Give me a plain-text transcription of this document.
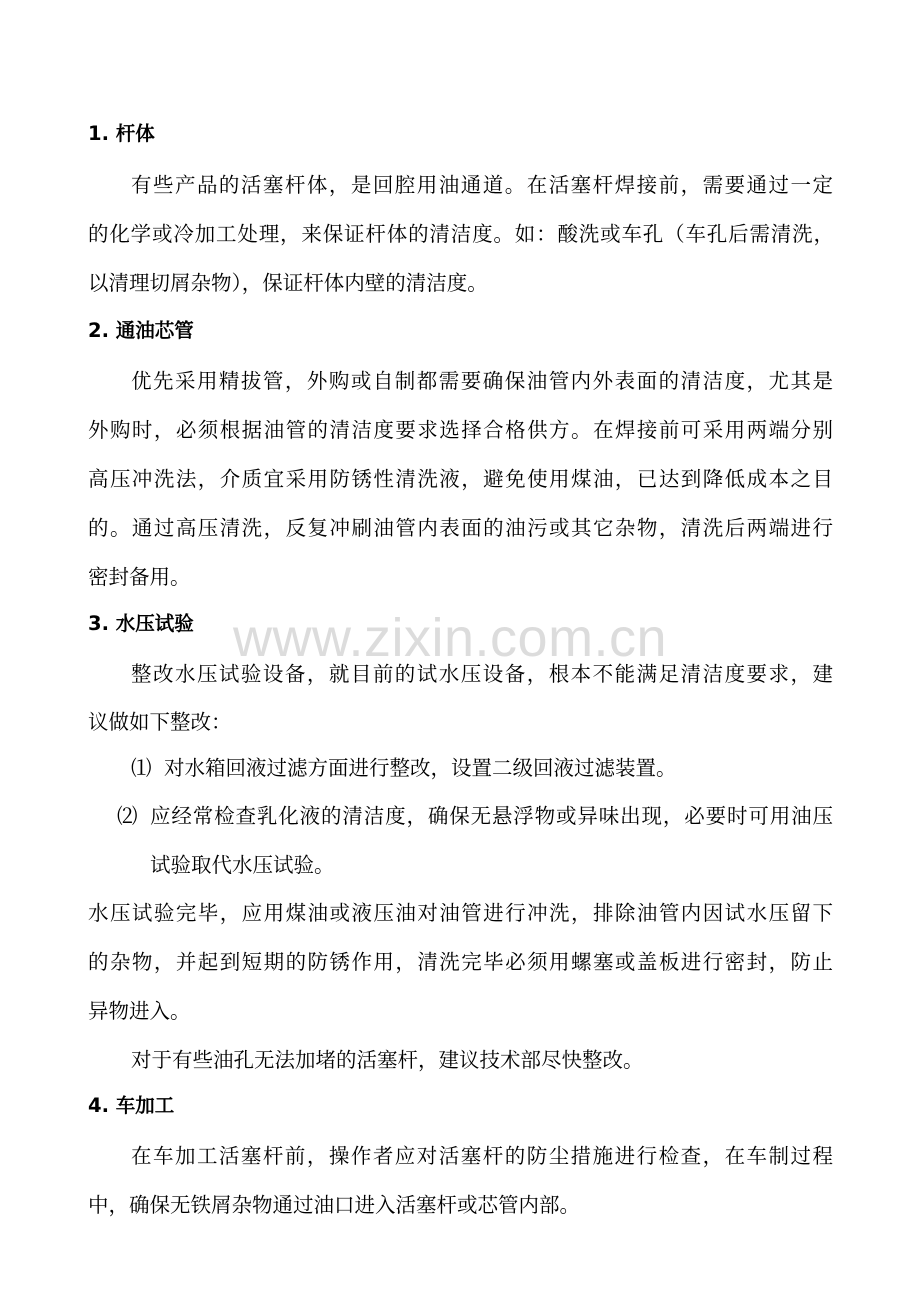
1. 杆体

有些产品的活塞杆体，是回腔用油通道。在活塞杆焊接前，需要通过一定

的化学或冷加工处理，来保证杆体的清洁度。如：酸洗或车孔（车孔后需清洗，

以清理切屑杂物），保证杆体内壁的清洁度。

2. 通油芯管

优先采用精拔管，外购或自制都需要确保油管内外表面的清洁度，尤其是

外购时，必须根据油管的清洁度要求选择合格供方。在焊接前可采用两端分别

高压冲洗法，介质宜采用防锈性清洗液，避免使用煤油，已达到降低成本之目

的。通过高压清洗，反复冲刷油管内表面的油污或其它杂物，清洗后两端进行

密封备用。

www.zixin.com.cn

3. 水压试验

整改水压试验设备，就目前的试水压设备，根本不能满足清洁度要求，建

议做如下整改：

⑴ 对水箱回液过滤方面进行整改，设置二级回液过滤装置。

⑵ 应经常检查乳化液的清洁度，确保无悬浮物或异味出现，必要时可用油压

试验取代水压试验。

水压试验完毕，应用煤油或液压油对油管进行冲洗，排除油管内因试水压留下

的杂物，并起到短期的防锈作用，清洗完毕必须用螺塞或盖板进行密封，防止

异物进入。

对于有些油孔无法加堵的活塞杆，建议技术部尽快整改。

4. 车加工

在车加工活塞杆前，操作者应对活塞杆的防尘措施进行检查，在车制过程

中，确保无铁屑杂物通过油口进入活塞杆或芯管内部。
